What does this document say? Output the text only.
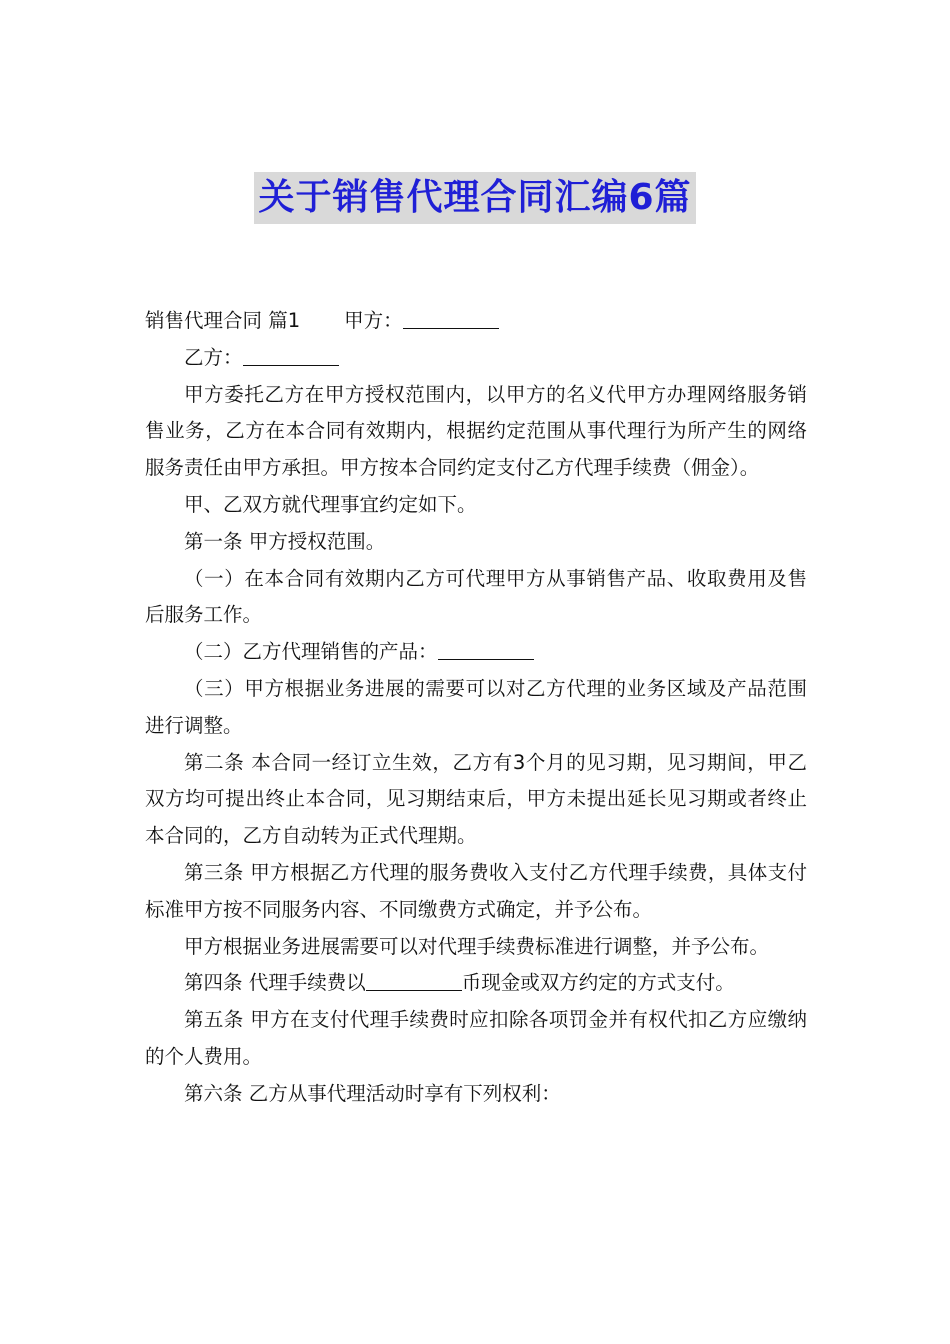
关于销售代理合同汇编6篇

销售代理合同 篇1 甲方：

乙方：

甲方委托乙方在甲方授权范围内，以甲方的名义代甲方办理网络服务销售业务，乙方在本合同有效期内，根据约定范围从事代理行为所产生的网络服务责任由甲方承担。甲方按本合同约定支付乙方代理手续费（佣金）。

甲、乙双方就代理事宜约定如下。

第一条 甲方授权范围。

（一）在本合同有效期内乙方可代理甲方从事销售产品、收取费用及售后服务工作。

（二）乙方代理销售的产品：

（三）甲方根据业务进展的需要可以对乙方代理的业务区域及产品范围进行调整。

第二条 本合同一经订立生效，乙方有3个月的见习期，见习期间，甲乙双方均可提出终止本合同，见习期结束后，甲方未提出延长见习期或者终止本合同的，乙方自动转为正式代理期。

第三条 甲方根据乙方代理的服务费收入支付乙方代理手续费，具体支付标准甲方按不同服务内容、不同缴费方式确定，并予公布。

甲方根据业务进展需要可以对代理手续费标准进行调整，并予公布。

第四条 代理手续费以	币现金或双方约定的方式支付。

第五条 甲方在支付代理手续费时应扣除各项罚金并有权代扣乙方应缴纳的个人费用。

第六条 乙方从事代理活动时享有下列权利：
